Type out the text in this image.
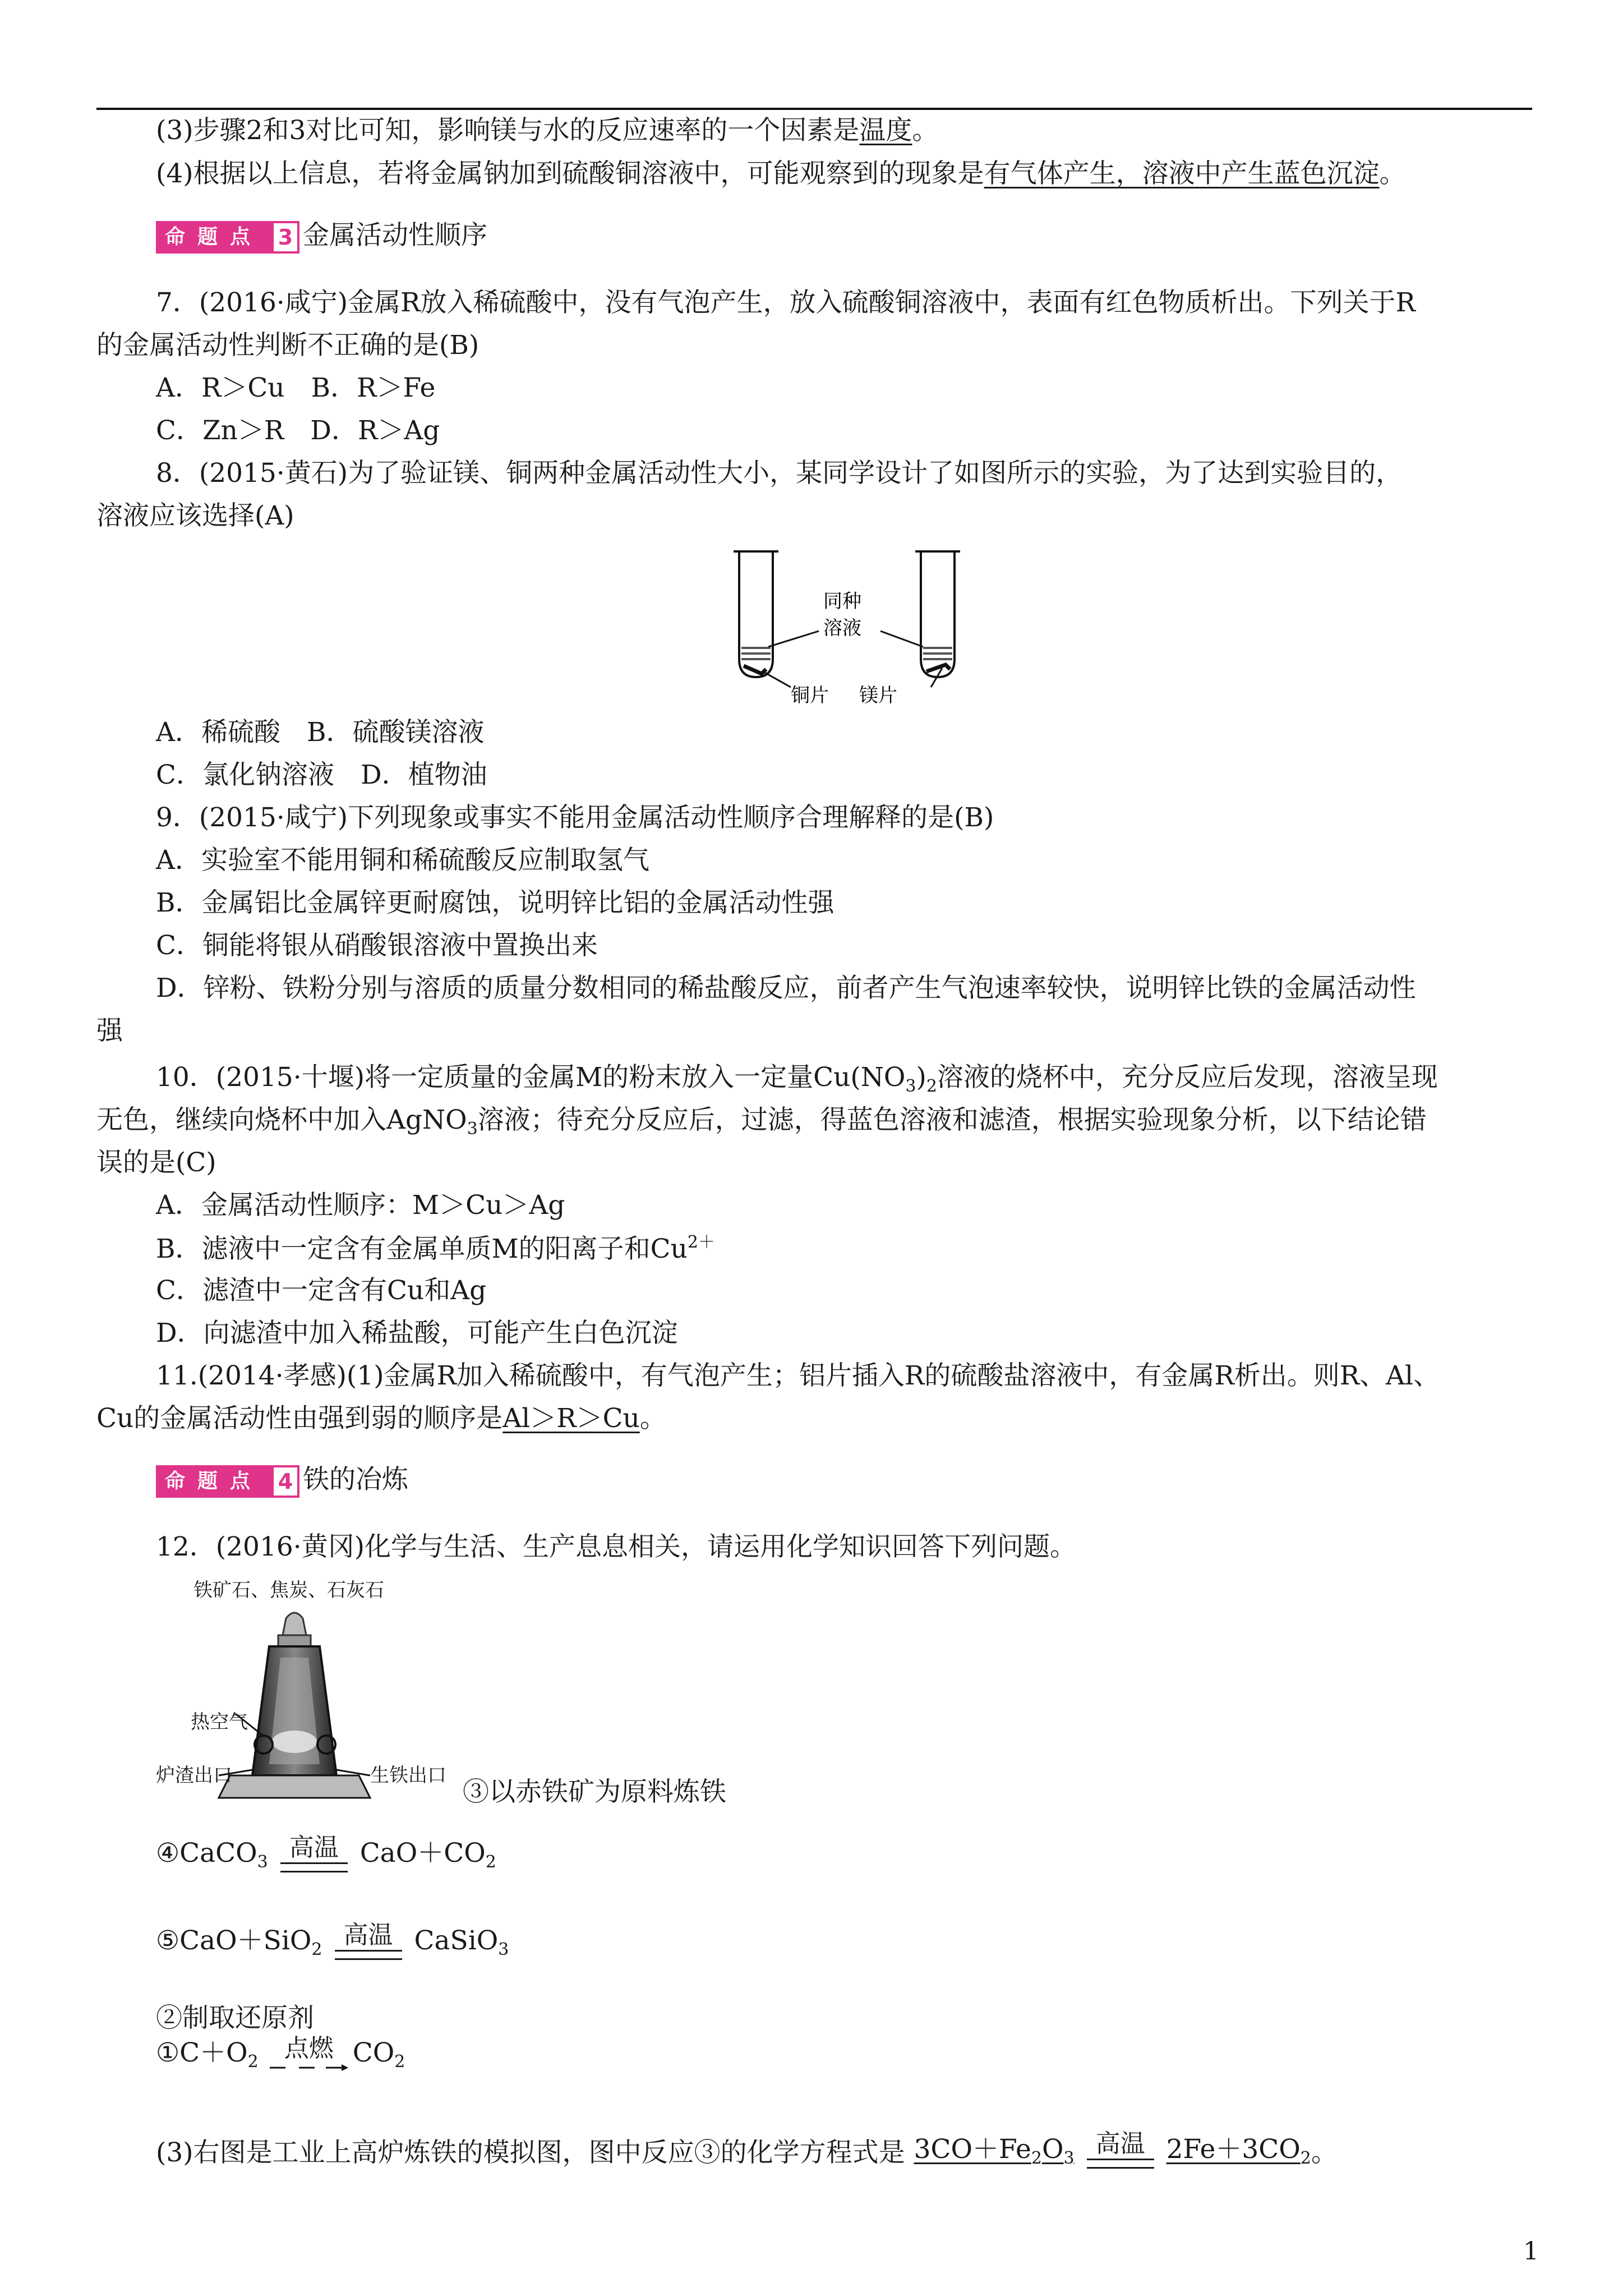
(3)步骤2和3对比可知，影响镁与水的反应速率的一个因素是温度。
(4)根据以上信息，若将金属钠加到硫酸铜溶液中，可能观察到的现象是有气体产生，溶液中产生蓝色沉淀。
命题点 3 金属活动性顺序
7．(2016·咸宁)金属R放入稀硫酸中，没有气泡产生，放入硫酸铜溶液中，表面有红色物质析出。下列关于R
的金属活动性判断不正确的是(B)
A．R＞Cu　B．R＞Fe
C．Zn＞R　D．R＞Ag
8．(2015·黄石)为了验证镁、铜两种金属活动性大小，某同学设计了如图所示的实验，为了达到实验目的，
溶液应该选择(A)
同种
溶液
铜片 镁片
A．稀硫酸　B．硫酸镁溶液
C．氯化钠溶液　D．植物油
9．(2015·咸宁)下列现象或事实不能用金属活动性顺序合理解释的是(B)
A．实验室不能用铜和稀硫酸反应制取氢气
B．金属铝比金属锌更耐腐蚀，说明锌比铝的金属活动性强
C．铜能将银从硝酸银溶液中置换出来
D．锌粉、铁粉分别与溶质的质量分数相同的稀盐酸反应，前者产生气泡速率较快，说明锌比铁的金属活动性
强
10．(2015·十堰)将一定质量的金属M的粉末放入一定量$Cu(NO_3)_2$溶液的烧杯中，充分反应后发现，溶液呈现
无色，继续向烧杯中加入AgNO$_3$溶液；待充分反应后，过滤，得蓝色溶液和滤渣，根据实验现象分析，以下结论错
误的是(C)
A．金属活动性顺序：M＞Cu＞Ag
B．滤液中一定含有金属单质M的阳离子和$Cu^{2+}$
C．滤渣中一定含有Cu和Ag
D．向滤渣中加入稀盐酸，可能产生白色沉淀
11.(2014·孝感)(1)金属R加入稀硫酸中，有气泡产生；铝片插入R的硫酸盐溶液中，有金属R析出。则R、Al、
Cu的金属活动性由强到弱的顺序是Al＞R＞Cu。
命题点 4 铁的冶炼
12．(2016·黄冈)化学与生活、生产息息相关，请运用化学知识回答下列问题。
铁矿石、焦炭、石灰石
热空气
炉渣出口	生铁出口
③以赤铁矿为原料炼铁
④CaCO$_3$
高温 $CaO+CO_2$
⑤CaO＋SiO$_2$
高温 CaSiO$_3$
②制取还原剂
$①C+O_2$ 点燃 $CO_2$
(3)右图是工业上高炉炼铁的模拟图，图中反应③的化学方程式是 $3CO+Fe_2O_3$
高温 $2Fe+3CO_2$ 。
1
